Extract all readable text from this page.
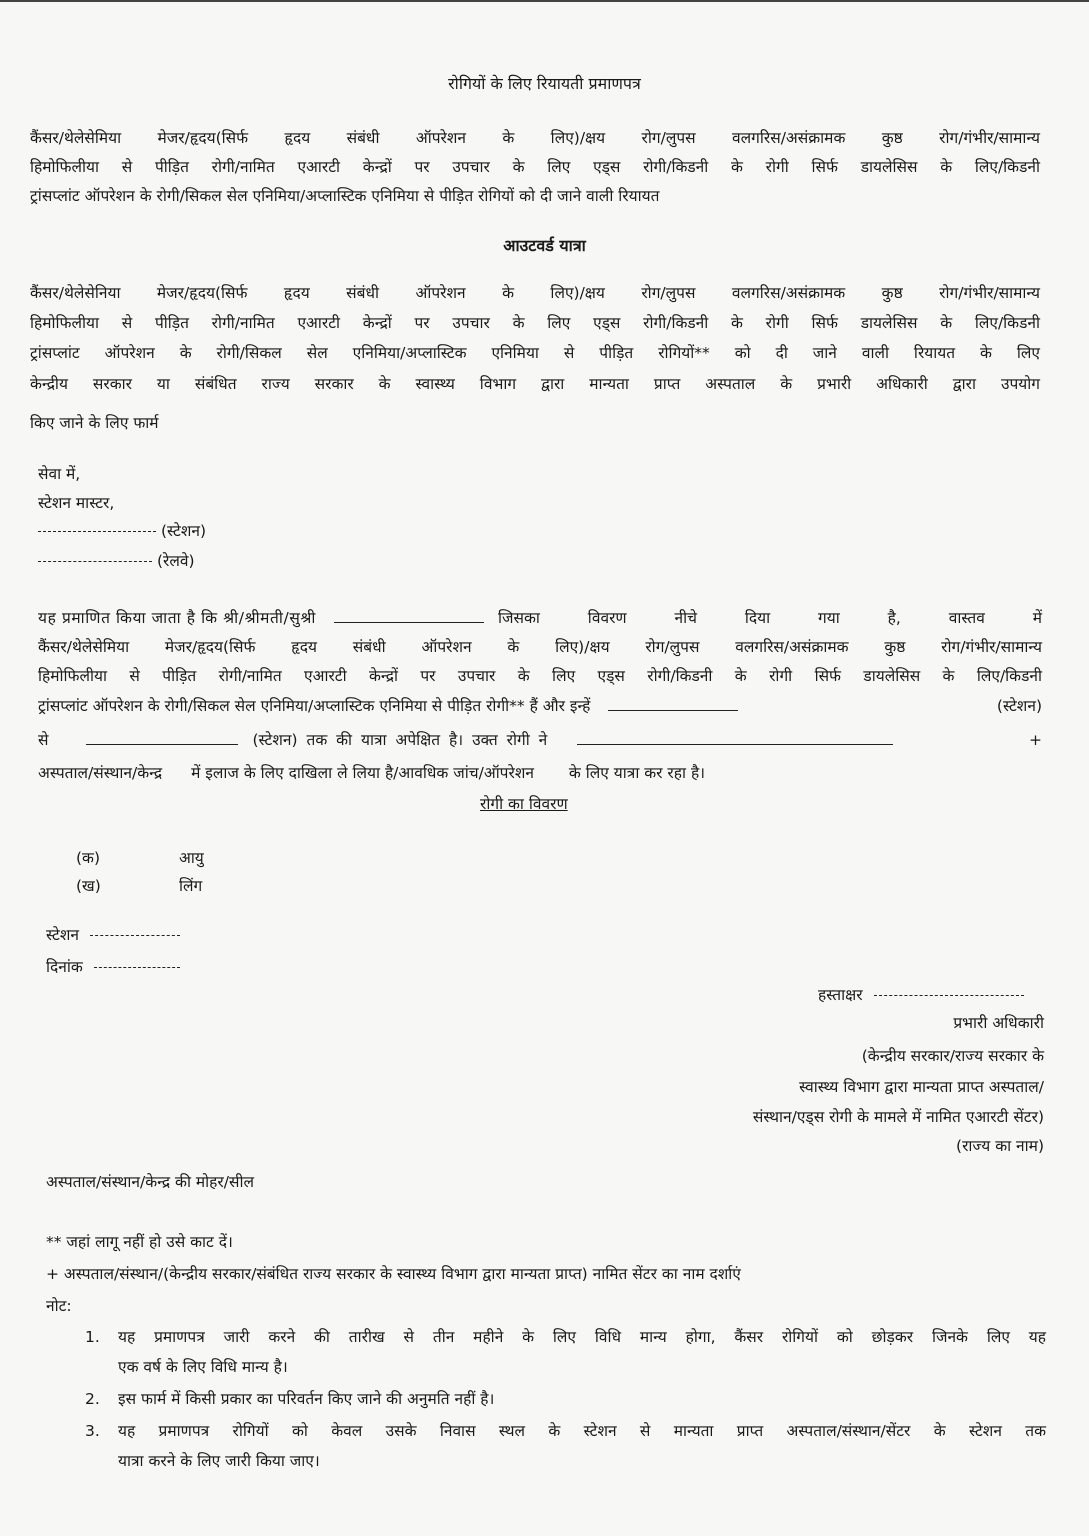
रोगियों के लिए रियायती प्रमाणपत्र
कैंसर/थेलेसेमिया मेजर/हृदय(सिर्फ हृदय संबंधी ऑपरेशन के लिए)/क्षय रोग/लुपस वलगरिस/असंक्रामक कुष्ठ रोग/गंभीर/सामान्य
हिमोफिलीया से पीड़ित रोगी/नामित एआरटी केन्द्रों पर उपचार के लिए एड्स रोगी/किडनी के रोगी सिर्फ डायलेसिस के लिए/किडनी
ट्रांसप्लांट ऑपरेशन के रोगी/सिकल सेल एनिमिया/अप्लास्टिक एनिमिया से पीड़ित रोगियों को दी जाने वाली रियायत
आउटवर्ड यात्रा
कैंसर/थेलेसेनिया मेजर/हृदय(सिर्फ हृदय संबंधी ऑपरेशन के लिए)/क्षय रोग/लुपस वलगरिस/असंक्रामक कुष्ठ रोग/गंभीर/सामान्य
हिमोफिलीया से पीड़ित रोगी/नामित एआरटी केन्द्रों पर उपचार के लिए एड्स रोगी/किडनी के रोगी सिर्फ डायलेसिस के लिए/किडनी
ट्रांसप्लांट ऑपरेशन के रोगी/सिकल सेल एनिमिया/अप्लास्टिक एनिमिया से पीड़ित रोगियों** को दी जाने वाली रियायत के लिए
केन्द्रीय सरकार या संबंधित राज्य सरकार के स्वास्थ्य विभाग द्वारा मान्यता प्राप्त अस्पताल के प्रभारी अधिकारी द्वारा उपयोग
किए जाने के लिए फार्म
सेवा में,
स्टेशन मास्टर,
(स्टेशन)
(रेलवे)
यह प्रमाणित किया जाता है कि श्री/श्रीमती/सुश्री	जिसका विवरण नीचे दिया गया है, वास्तव में
कैंसर/थेलेसेमिया मेजर/हृदय(सिर्फ हृदय संबंधी ऑपरेशन के लिए)/क्षय रोग/लुपस वलगरिस/असंक्रामक कुष्ठ रोग/गंभीर/सामान्य
हिमोफिलीया से पीड़ित रोगी/नामित एआरटी केन्द्रों पर उपचार के लिए एड्स रोगी/किडनी के रोगी सिर्फ डायलेसिस के लिए/किडनी
ट्रांसप्लांट ऑपरेशन के रोगी/सिकल सेल एनिमिया/अप्लास्टिक एनिमिया से पीड़ित रोगी** हैं और इन्हें	(स्टेशन)
से	(स्टेशन) तक की यात्रा अपेक्षित है। उक्त रोगी ने	+
अस्पताल/संस्थान/केन्द्र में इलाज के लिए दाखिला ले लिया है/आवधिक जांच/ऑपरेशन के लिए यात्रा कर रहा है।
रोगी का विवरण
(क)	आयु
(ख)	लिंग
स्टेशन
दिनांक
हस्ताक्षर
प्रभारी अधिकारी
(केन्द्रीय सरकार/राज्य सरकार के
स्वास्थ्य विभाग द्वारा मान्यता प्राप्त अस्पताल/
संस्थान/एड्स रोगी के मामले में नामित एआरटी सेंटर)
(राज्य का नाम)
अस्पताल/संस्थान/केन्द्र की मोहर/सील
** जहां लागू नहीं हो उसे काट दें।
+ अस्पताल/संस्थान/(केन्द्रीय सरकार/संबंधित राज्य सरकार के स्वास्थ्य विभाग द्वारा मान्यता प्राप्त) नामित सेंटर का नाम दर्शाएं
नोट:
1. यह प्रमाणपत्र जारी करने की तारीख से तीन महीने के लिए विधि मान्य होगा, कैंसर रोगियों को छोड़कर जिनके लिए यह
एक वर्ष के लिए विधि मान्य है।
2. इस फार्म में किसी प्रकार का परिवर्तन किए जाने की अनुमति नहीं है।
3. यह प्रमाणपत्र रोगियों को केवल उसके निवास स्थल के स्टेशन से मान्यता प्राप्त अस्पताल/संस्थान/सेंटर के स्टेशन तक
यात्रा करने के लिए जारी किया जाए।
